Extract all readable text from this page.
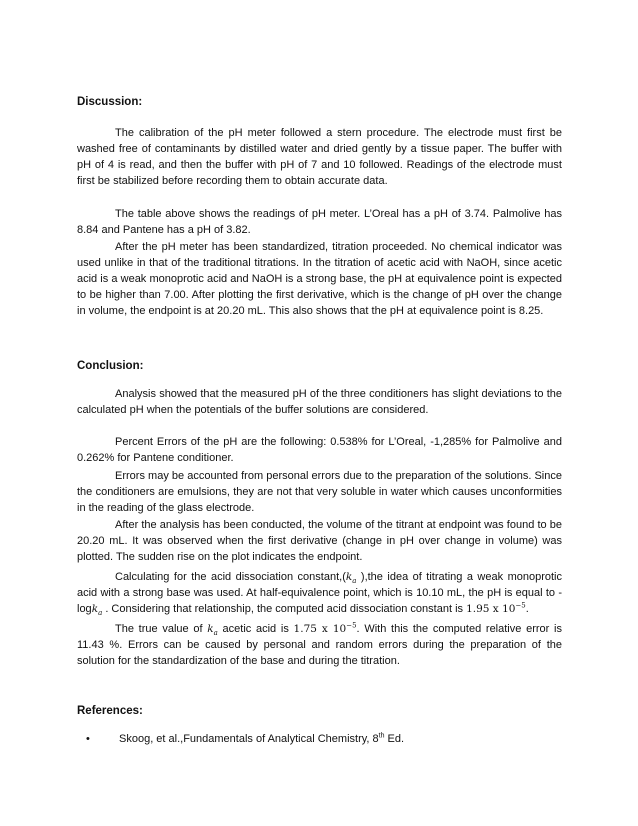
Discussion:

The calibration of the pH meter followed a stern procedure. The electrode must first be washed free of contaminants by distilled water and dried gently by a tissue paper. The buffer with pH of 4 is read, and then the buffer with pH of 7 and 10 followed. Readings of the electrode must first be stabilized before recording them to obtain accurate data.

The table above shows the readings of pH meter. L’Oreal has a pH of 3.74. Palmolive has 8.84 and Pantene has a pH of 3.82.

After the pH meter has been standardized, titration proceeded. No chemical indicator was used unlike in that of the traditional titrations. In the titration of acetic acid with NaOH, since acetic acid is a weak monoprotic acid and NaOH is a strong base, the pH at equivalence point is expected to be higher than 7.00. After plotting the first derivative, which is the change of pH over the change in volume, the endpoint is at 20.20 mL. This also shows that the pH at equivalence point is 8.25.

Conclusion:

Analysis showed that the measured pH of the three conditioners has slight deviations to the calculated pH when the potentials of the buffer solutions are considered.

Percent Errors of the pH are the following: 0.538% for L’Oreal, -1,285% for Palmolive and 0.262% for Pantene conditioner.

Errors may be accounted from personal errors due to the preparation of the solutions. Since the conditioners are emulsions, they are not that very soluble in water which causes unconformities in the reading of the glass electrode.

After the analysis has been conducted, the volume of the titrant at endpoint was found to be 20.20 mL. It was observed when the first derivative (change in pH over change in volume) was plotted. The sudden rise on the plot indicates the endpoint.

Calculating for the acid dissociation $constant,(k_a$ ),the idea of titrating a weak monoprotic acid with a strong base was used. At half-equivalence point, which is 10.10 mL, the pH is equal to -logk$_a$ . Considering that relationship, the computed acid dissociation constant is 1.95 x $10^{-5}$.

The true value of $k_a$ acetic acid is 1.75 x $10^{-5}$. With this the computed relative error is 11.43 %. Errors can be caused by personal and random errors during the preparation of the solution for the standardization of the base and during the titration.

References:
•	Skoog, et al.,Fundamentals of Analytical Chemistry, 8th Ed.
